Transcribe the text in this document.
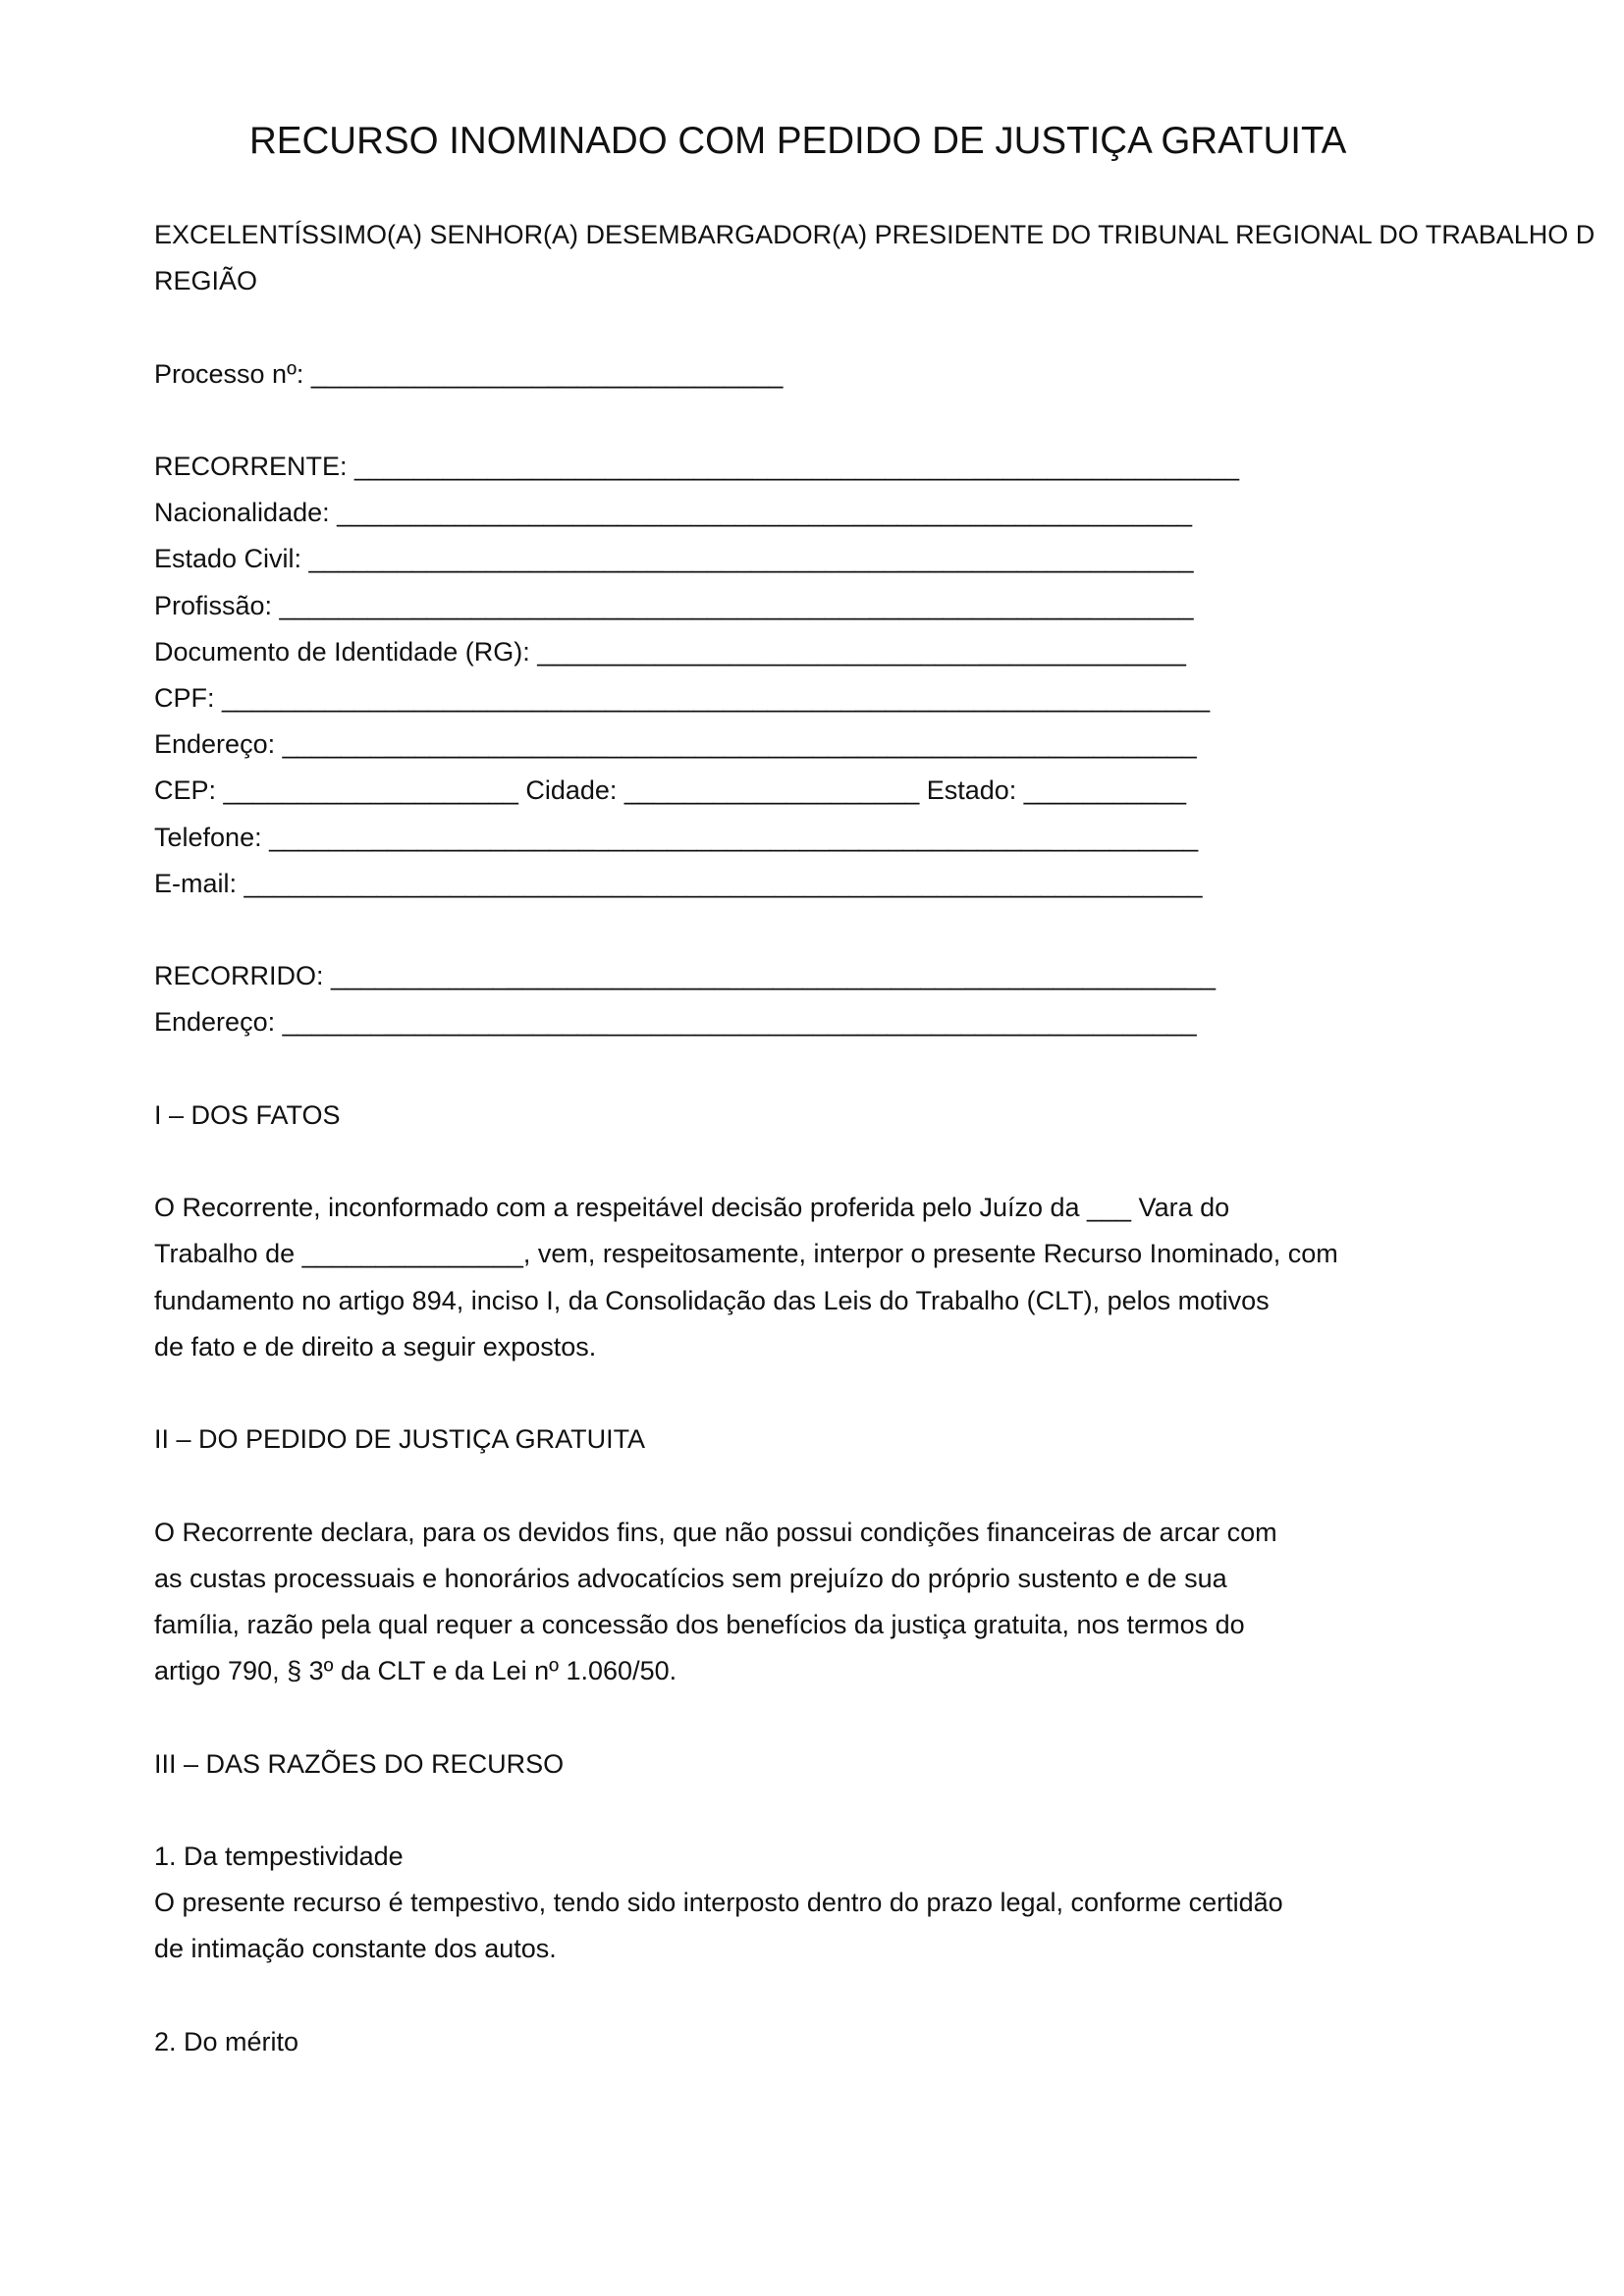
RECURSO INOMINADO COM PEDIDO DE JUSTIÇA GRATUITA
EXCELENTÍSSIMO(A) SENHOR(A) DESEMBARGADOR(A) PRESIDENTE DO TRIBUNAL REGIONAL DO TRABALHO D
REGIÃO
Processo nº: ________________________________
RECORRENTE: ____________________________________________________________
Nacionalidade: __________________________________________________________
Estado Civil: ____________________________________________________________
Profissão: ______________________________________________________________
Documento de Identidade (RG): ____________________________________________
CPF: ___________________________________________________________________
Endereço: ______________________________________________________________
CEP: ____________________ Cidade: ____________________ Estado: ___________
Telefone: _______________________________________________________________
E-mail: _________________________________________________________________
RECORRIDO: ____________________________________________________________
Endereço: ______________________________________________________________
I – DOS FATOS
O Recorrente, inconformado com a respeitável decisão proferida pelo Juízo da ___ Vara do
Trabalho de _______________, vem, respeitosamente, interpor o presente Recurso Inominado, com
fundamento no artigo 894, inciso I, da Consolidação das Leis do Trabalho (CLT), pelos motivos
de fato e de direito a seguir expostos.
II – DO PEDIDO DE JUSTIÇA GRATUITA
O Recorrente declara, para os devidos fins, que não possui condições financeiras de arcar com
as custas processuais e honorários advocatícios sem prejuízo do próprio sustento e de sua
família, razão pela qual requer a concessão dos benefícios da justiça gratuita, nos termos do
artigo 790, § 3º da CLT e da Lei nº 1.060/50.
III – DAS RAZÕES DO RECURSO
1. Da tempestividade
O presente recurso é tempestivo, tendo sido interposto dentro do prazo legal, conforme certidão
de intimação constante dos autos.
2. Do mérito
